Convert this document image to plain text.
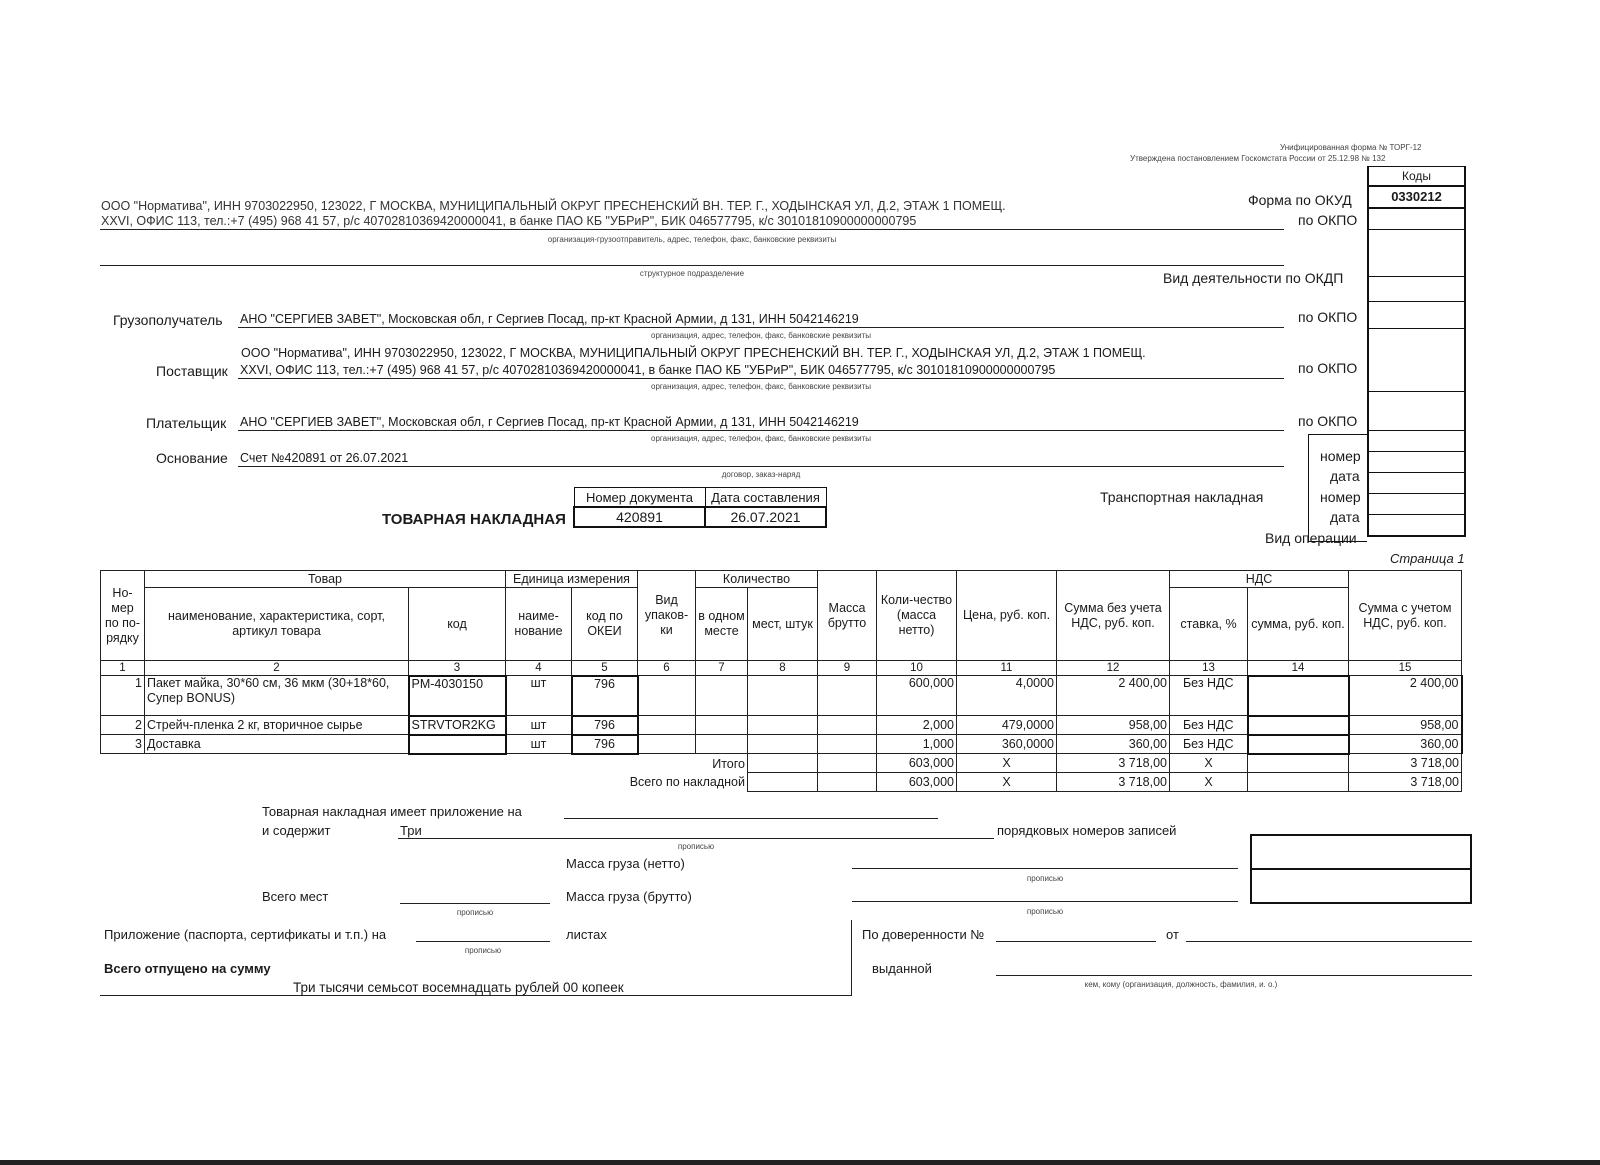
Унифицированная форма № ТОРГ-12
Утверждена постановлением Госкомстата России от 25.12.98 № 132
Коды
0330212
Форма по ОКУД
по ОКПО
Вид деятельности по ОКДП
по ОКПО
по ОКПО
по ОКПО
номер
дата
номер
дата
Транспортная накладная
Вид операции
ООО "Норматива", ИНН 9703022950, 123022, Г МОСКВА, МУНИЦИПАЛЬНЫЙ ОКРУГ ПРЕСНЕНСКИЙ ВН. ТЕР. Г., ХОДЫНСКАЯ УЛ, Д.2, ЭТАЖ 1 ПОМЕЩ.
XXVI, ОФИС 113, тел.:+7 (495) 968 41 57, р/с 40702810369420000041, в банке ПАО КБ "УБРиР", БИК 046577795, к/с 30101810900000000795
организация-грузоотправитель, адрес, телефон, факс, банковские реквизиты
структурное подразделение
Грузополучатель АНО "СЕРГИЕВ ЗАВЕТ", Московская обл, г Сергиев Посад, пр-кт Красной Армии, д 131, ИНН 5042146219
организация, адрес, телефон, факс, банковские реквизиты
ООО "Норматива", ИНН 9703022950, 123022, Г МОСКВА, МУНИЦИПАЛЬНЫЙ ОКРУГ ПРЕСНЕНСКИЙ ВН. ТЕР. Г., ХОДЫНСКАЯ УЛ, Д.2, ЭТАЖ 1 ПОМЕЩ.
Поставщик XXVI, ОФИС 113, тел.:+7 (495) 968 41 57, р/с 40702810369420000041, в банке ПАО КБ "УБРиР", БИК 046577795, к/с 30101810900000000795
организация, адрес, телефон, факс, банковские реквизиты
Плательщик АНО "СЕРГИЕВ ЗАВЕТ", Московская обл, г Сергиев Посад, пр-кт Красной Армии, д 131, ИНН 5042146219
организация, адрес, телефон, факс, банковские реквизиты
Основание Счет №420891 от 26.07.2021
договор, заказ-наряд
ТОВАРНАЯ НАКЛАДНАЯ
Номер документа	Дата составления
420891	26.07.2021
Страница 1
Но-мер по по-рядку	Товар		Единица измерения		Вид упаков-ки	Количество		Масса брутто	Коли-чество (масса нетто)	Цена, руб. коп.	Сумма без учета НДС, руб. коп.	НДС		Сумма с учетом НДС, руб. коп.
	наименование, характеристика, сорт, артикул товара	код	наиме-нование	код по ОКЕИ		в одном месте	мест, штук					ставка, %	сумма, руб. коп.	
1	2	3	4	5	6	7	8	9	10	11	12	13	14	15
1	Пакет майка, 30*60 см, 36 мкм (30+18*60, Супер BONUS)	PM-4030150	шт	796					600,000	4,0000	2 400,00	Без НДС		2 400,00
2	Стрейч-пленка 2 кг, вторичное сырье	STRVTOR2KG	шт	796					2,000	479,0000	958,00	Без НДС		958,00
3	Доставка		шт	796					1,000	360,0000	360,00	Без НДС		360,00
Итого									603,000	X	3 718,00	X		3 718,00
Всего по накладной									603,000	X	3 718,00	X		3 718,00
Товарная накладная имеет приложение на
и содержит	Три
прописью
порядковых номеров записей
Масса груза (нетто)
прописью
Масса груза (брутто)
прописью
Всего мест
прописью
Приложение (паспорта, сертификаты и т.п.) на
прописью
листах
Всего отпущено на сумму
Три тысячи семьсот восемнадцать рублей 00 копеек
По доверенности №	от
выданной
кем, кому (организация, должность, фамилия, и. о.)
